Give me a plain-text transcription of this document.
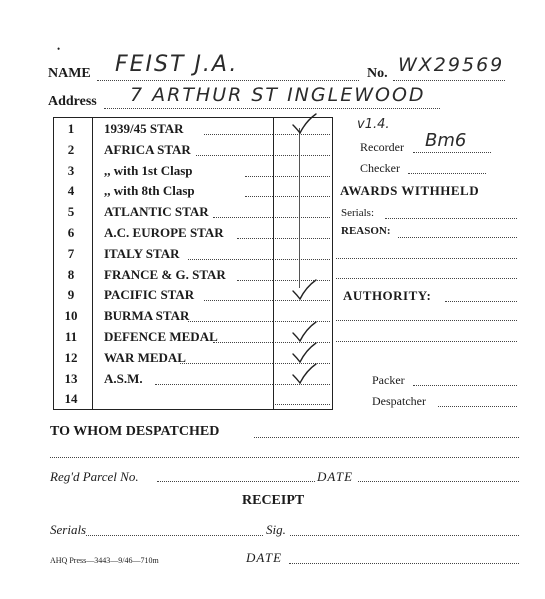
•
NAME FEIST J.A.	No. WX29569
Address 7 ARTHUR ST INGLEWOOD
1	1939/45 STAR
2	AFRICA STAR
3	,, with 1st Clasp
4	,, with 8th Clasp
5	ATLANTIC STAR
6	A.C. EUROPE STAR
7	ITALY STAR
8	FRANCE & G. STAR
9	PACIFIC STAR
10	BURMA STAR
11	DEFENCE MEDAL
12	WAR MEDAL
13	A.S.M.
14
v1.4.
Recorder Bm6
Checker
AWARDS WITHHELD
Serials:
REASON:
AUTHORITY:
Packer
Despatcher
TO WHOM DESPATCHED
Reg'd Parcel No.	DATE
RECEIPT
Serials	Sig.
AHQ Press—3443—9/46—710m	DATE
